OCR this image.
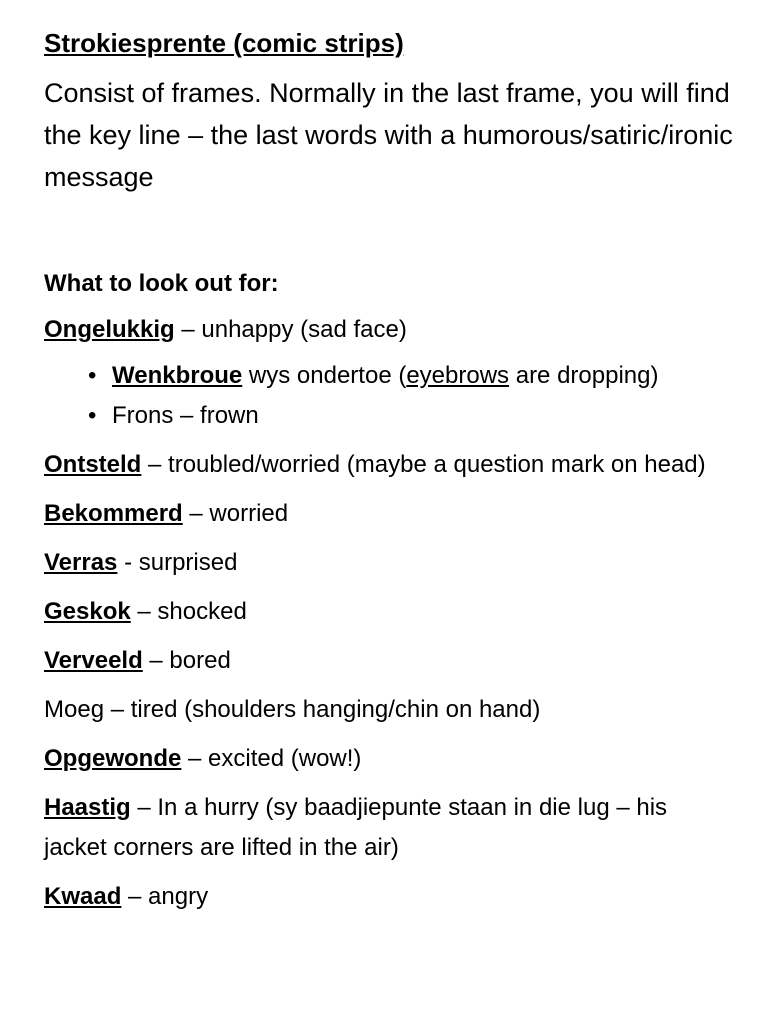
Strokiesprente (comic strips)

Consist of frames. Normally in the last frame, you will find the key line – the last words with a humorous/satiric/ironic message

What to look out for:

Ongelukkig – unhappy (sad face)

• Wenkbroue wys ondertoe (eyebrows are dropping)
• Frons – frown

Ontsteld – troubled/worried (maybe a question mark on head)

Bekommerd – worried

Verras - surprised

Geskok – shocked

Verveeld – bored

Moeg – tired (shoulders hanging/chin on hand)

Opgewonde – excited (wow!)

Haastig – In a hurry (sy baadjiepunte staan in die lug – his jacket corners are lifted in the air)

Kwaad – angry
